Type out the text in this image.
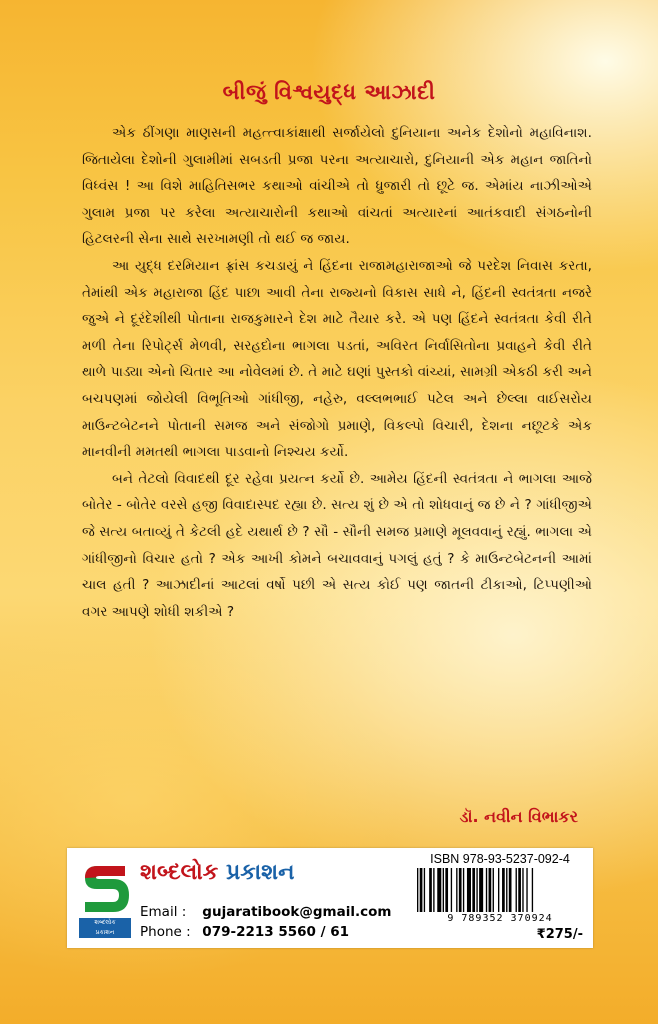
બીજું વિશ્વયુદ્ધ આઝાદી

એક ઠીંગણા માણસની મહત્ત્વાકાંક્ષાથી સર્જાયેલો દુનિયાના અનેક દેશોનો મહાવિનાશ. જિતાયેલા દેશોની ગુલામીમાં સબડતી પ્રજા પરના અત્યાચારો, દુનિયાની એક મહાન જાતિનો વિધ્વંસ ! આ વિશે માહિતિસભર કથાઓ વાંચીએ તો ધ્રુજારી તો છૂટે જ. એમાંય નાઝીઓએ ગુલામ પ્રજા પર કરેલા અત્યાચારોની કથાઓ વાંચતાં અત્યારનાં આતંકવાદી સંગઠનોની હિટલરની સેના સાથે સરખામણી તો થઈ જ જાય.

આ યુદ્ધ દરમિયાન ફ્રાંસ કચડાયું ને હિંદના રાજામહારાજાઓ જે પરદેશ નિવાસ કરતા, તેમાંથી એક મહારાજા હિંદ પાછા આવી તેના રાજ્યનો વિકાસ સાધે ને, હિંદની સ્વતંત્રતા નજરે જુએ ને દૂરંદેશીથી પોતાના રાજકુમારને દેશ માટે તૈયાર કરે. એ પણ હિંદને સ્વતંત્રતા કેવી રીતે મળી તેના રિપોર્ટ્સ મેળવી, સરહદોના ભાગલા પડતાં, અવિરત નિર્વાસિતોના પ્રવાહને કેવી રીતે થાળે પાડ્યા એનો ચિતાર આ નોવેલમાં છે. તે માટે ઘણાં પુસ્તકો વાંચ્યાં, સામગ્રી એકઠી કરી અને બચપણમાં જોયેલી વિભૂતિઓ ગાંધીજી, નહેરુ, વલ્લભભાઈ પટેલ અને છેલ્લા વાઈસરોય માઉન્ટબેટનને પોતાની સમજ અને સંજોગો પ્રમાણે, વિકલ્પો વિચારી, દેશના નછૂટકે એક માનવીની મમતથી ભાગલા પાડવાનો નિશ્ચય કર્યો.

બને તેટલો વિવાદથી દૂર રહેવા પ્રયત્ન કર્યો છે. આમેય હિંદની સ્વતંત્રતા ને ભાગલા આજે બોતેર - બોતેર વરસે હજી વિવાદાસ્પદ રહ્યા છે. સત્ય શું છે એ તો શોધવાનું જ છે ને ? ગાંધીજીએ જે સત્ય બતાવ્યું તે કેટલી હદે યથાર્થ છે ? સૌ - સૌની સમજ પ્રમાણે મૂલવવાનું રહ્યું. ભાગલા એ ગાંધીજીનો વિચાર હતો ? એક આખી કોમને બચાવવાનું પગલું હતું ? કે માઉન્ટબેટનની આમાં ચાલ હતી ? આઝાદીનાં આટલાં વર્ષો પછી એ સત્ય કોઈ પણ જાતની ટીકાઓ, ટિપ્પણીઓ વગર આપણે શોધી શકીએ ?

ડૉ. નવીન વિભાકર
શબ્દલોક
પ્રકાશન
શબ્દલોક પ્રકાશન
Email : gujaratibook@gmail.com
Phone : 079-2213 5560 / 61
ISBN 978-93-5237-092-4
9 789352 370924
₹275/-
